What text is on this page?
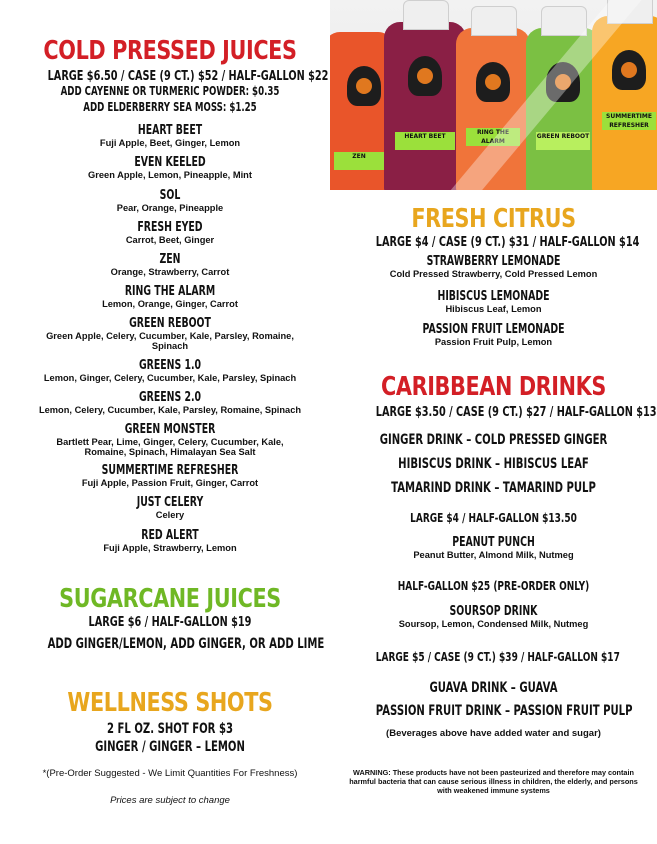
COLD PRESSED JUICES
LARGE $6.50 / CASE (9 CT.) $52 / HALF-GALLON $22
ADD CAYENNE OR TURMERIC POWDER: $0.35
ADD ELDERBERRY SEA MOSS: $1.25
HEART BEET
Fuji Apple, Beet, Ginger, Lemon
EVEN KEELED
Green Apple, Lemon, Pineapple, Mint
SOL
Pear, Orange, Pineapple
FRESH EYED
Carrot, Beet, Ginger
ZEN
Orange, Strawberry, Carrot
RING THE ALARM
Lemon, Orange, Ginger, Carrot
GREEN REBOOT
Green Apple, Celery, Cucumber, Kale, Parsley, Romaine,
Spinach
GREENS 1.0
Lemon, Ginger, Celery, Cucumber, Kale, Parsley, Spinach
GREENS 2.0
Lemon, Celery, Cucumber, Kale, Parsley, Romaine, Spinach
GREEN MONSTER
Bartlett Pear, Lime, Ginger, Celery, Cucumber, Kale,
Romaine, Spinach, Himalayan Sea Salt
SUMMERTIME REFRESHER
Fuji Apple, Passion Fruit, Ginger, Carrot
JUST CELERY
Celery
RED ALERT
Fuji Apple, Strawberry, Lemon
SUGARCANE JUICES
LARGE $6 / HALF-GALLON $19
ADD GINGER/LEMON, ADD GINGER, OR ADD LIME
WELLNESS SHOTS
2 FL OZ. SHOT FOR $3
GINGER / GINGER – LEMON
*(Pre-Order Suggested - We Limit Quantities For Freshness)
Prices are subject to change
ZEN
HEART BEET
RING THE ALARM
GREEN REBOOT
SUMMERTIME REFRESHER
FRESH CITRUS
LARGE $4 / CASE (9 CT.) $31 / HALF-GALLON $14
STRAWBERRY LEMONADE
Cold Pressed Strawberry, Cold Pressed Lemon
HIBISCUS LEMONADE
Hibiscus Leaf, Lemon
PASSION FRUIT LEMONADE
Passion Fruit Pulp, Lemon
CARIBBEAN DRINKS
LARGE $3.50 / CASE (9 CT.) $27 / HALF-GALLON $13
GINGER DRINK – COLD PRESSED GINGER
HIBISCUS DRINK – HIBISCUS LEAF
TAMARIND DRINK – TAMARIND PULP
LARGE $4 / HALF-GALLON $13.50
PEANUT PUNCH
Peanut Butter, Almond Milk, Nutmeg
HALF-GALLON $25 (PRE-ORDER ONLY)
SOURSOP DRINK
Soursop, Lemon, Condensed Milk, Nutmeg
LARGE $5 / CASE (9 CT.) $39 / HALF-GALLON $17
GUAVA DRINK – GUAVA
PASSION FRUIT DRINK – PASSION FRUIT PULP
(Beverages above have added water and sugar)
WARNING: These products have not been pasteurized and therefore may contain harmful bacteria that can cause serious illness in children, the elderly, and persons with weakened immune systems
